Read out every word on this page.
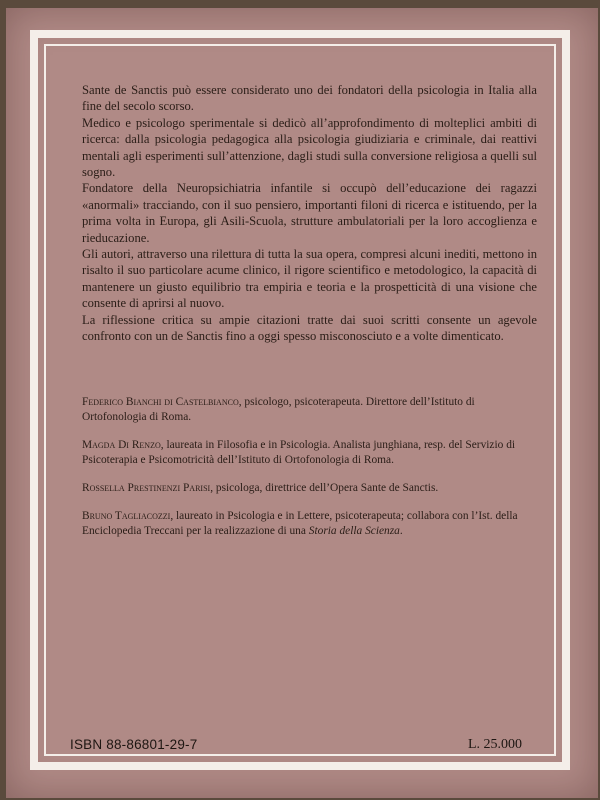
Sante de Sanctis può essere considerato uno dei fondatori della psicologia in Italia alla fine del secolo scorso.

Medico e psicologo sperimentale si dedicò all’approfondimento di molteplici ambiti di ricerca: dalla psicologia pedagogica alla psicologia giudiziaria e criminale, dai reattivi mentali agli esperimenti sull’attenzione, dagli studi sulla conversione religiosa a quelli sul sogno.

Fondatore della Neuropsichiatria infantile si occupò dell’educazione dei ragazzi «anormali» tracciando, con il suo pensiero, importanti filoni di ricerca e istituendo, per la prima volta in Europa, gli Asili-Scuola, strutture ambulatoriali per la loro accoglienza e rieducazione.

Gli autori, attraverso una rilettura di tutta la sua opera, compresi alcuni inediti, mettono in risalto il suo particolare acume clinico, il rigore scientifico e metodologico, la capacità di mantenere un giusto equilibrio tra empiria e teoria e la prospetticità di una visione che consente di aprirsi al nuovo.

La riflessione critica su ampie citazioni tratte dai suoi scritti consente un agevole confronto con un de Sanctis fino a oggi spesso misconosciuto e a volte dimenticato.

Federico Bianchi di Castelbianco, psicologo, psicoterapeuta. Direttore dell’Istituto di Ortofonologia di Roma.

Magda Di Renzo, laureata in Filosofia e in Psicologia. Analista junghiana, resp. del Servizio di Psicoterapia e Psicomotricità dell’Istituto di Ortofonologia di Roma.

Rossella Prestinenzi Parisi, psicologa, direttrice dell’Opera Sante de Sanctis.

Bruno Tagliacozzi, laureato in Psicologia e in Lettere, psicoterapeuta; collabora con l’Ist. della Enciclopedia Treccani per la realizzazione di una Storia della Scienza.

ISBN 88-86801-29-7	L. 25.000
